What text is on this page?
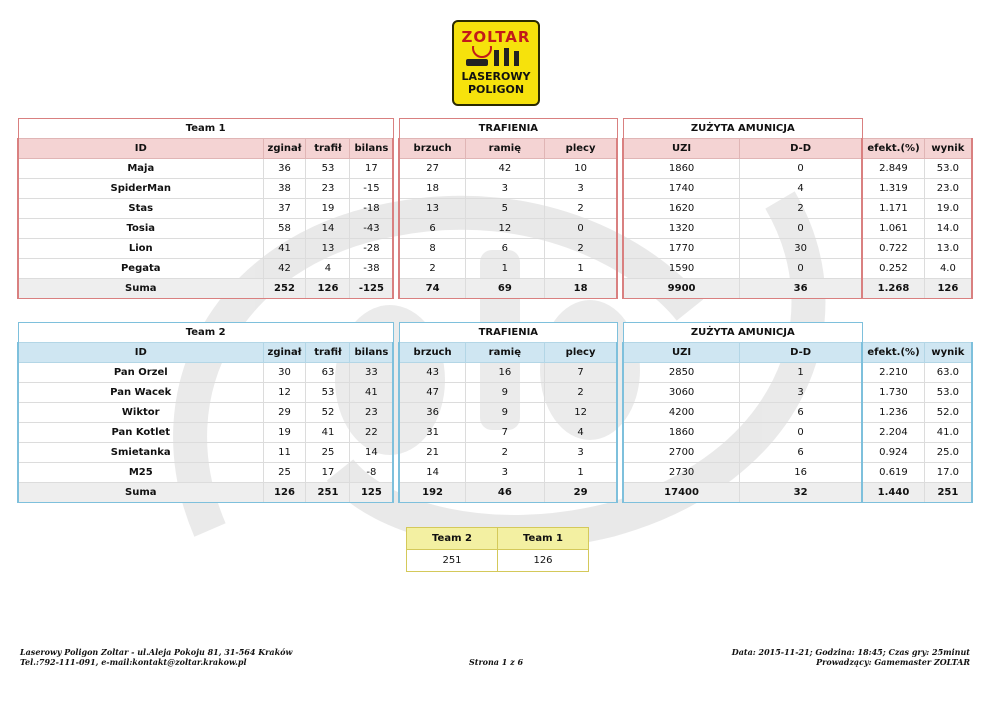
ZOLTAR
LASEROWY
POLIGON
Team 1					TRAFIENIA				ZUŻYTA AMUNICJA			
ID	zginał	trafił	bilans		brzuch	ramię	plecy		UZI	D-D	efekt.(%)	wynik
Maja	36	53	17		27	42	10		1860	0	2.849	53.0
SpiderMan	38	23	-15		18	3	3		1740	4	1.319	23.0
Stas	37	19	-18		13	5	2		1620	2	1.171	19.0
Tosia	58	14	-43		6	12	0		1320	0	1.061	14.0
Lion	41	13	-28		8	6	2		1770	30	0.722	13.0
Pegata	42	4	-38		2	1	1		1590	0	0.252	4.0
Suma	252	126	-125		74	69	18		9900	36	1.268	126
Team 2					TRAFIENIA				ZUŻYTA AMUNICJA			
ID	zginał	trafił	bilans		brzuch	ramię	plecy		UZI	D-D	efekt.(%)	wynik
Pan Orzel	30	63	33		43	16	7		2850	1	2.210	63.0
Pan Wacek	12	53	41		47	9	2		3060	3	1.730	53.0
Wiktor	29	52	23		36	9	12		4200	6	1.236	52.0
Pan Kotlet	19	41	22		31	7	4		1860	0	2.204	41.0
Smietanka	11	25	14		21	2	3		2700	6	0.924	25.0
M25	25	17	-8		14	3	1		2730	16	0.619	17.0
Suma	126	251	125		192	46	29		17400	32	1.440	251
Team 2	Team 1
251	126
Laserowy Poligon Zoltar - ul.Aleja Pokoju 81, 31-564 Kraków
Tel.:792-111-091, e-mail:kontakt@zoltar.krakow.pl	Strona 1 z 6
Data: 2015-11-21; Godzina: 18:45; Czas gry: 25minut
Prowadzący: Gamemaster ZOLTAR
